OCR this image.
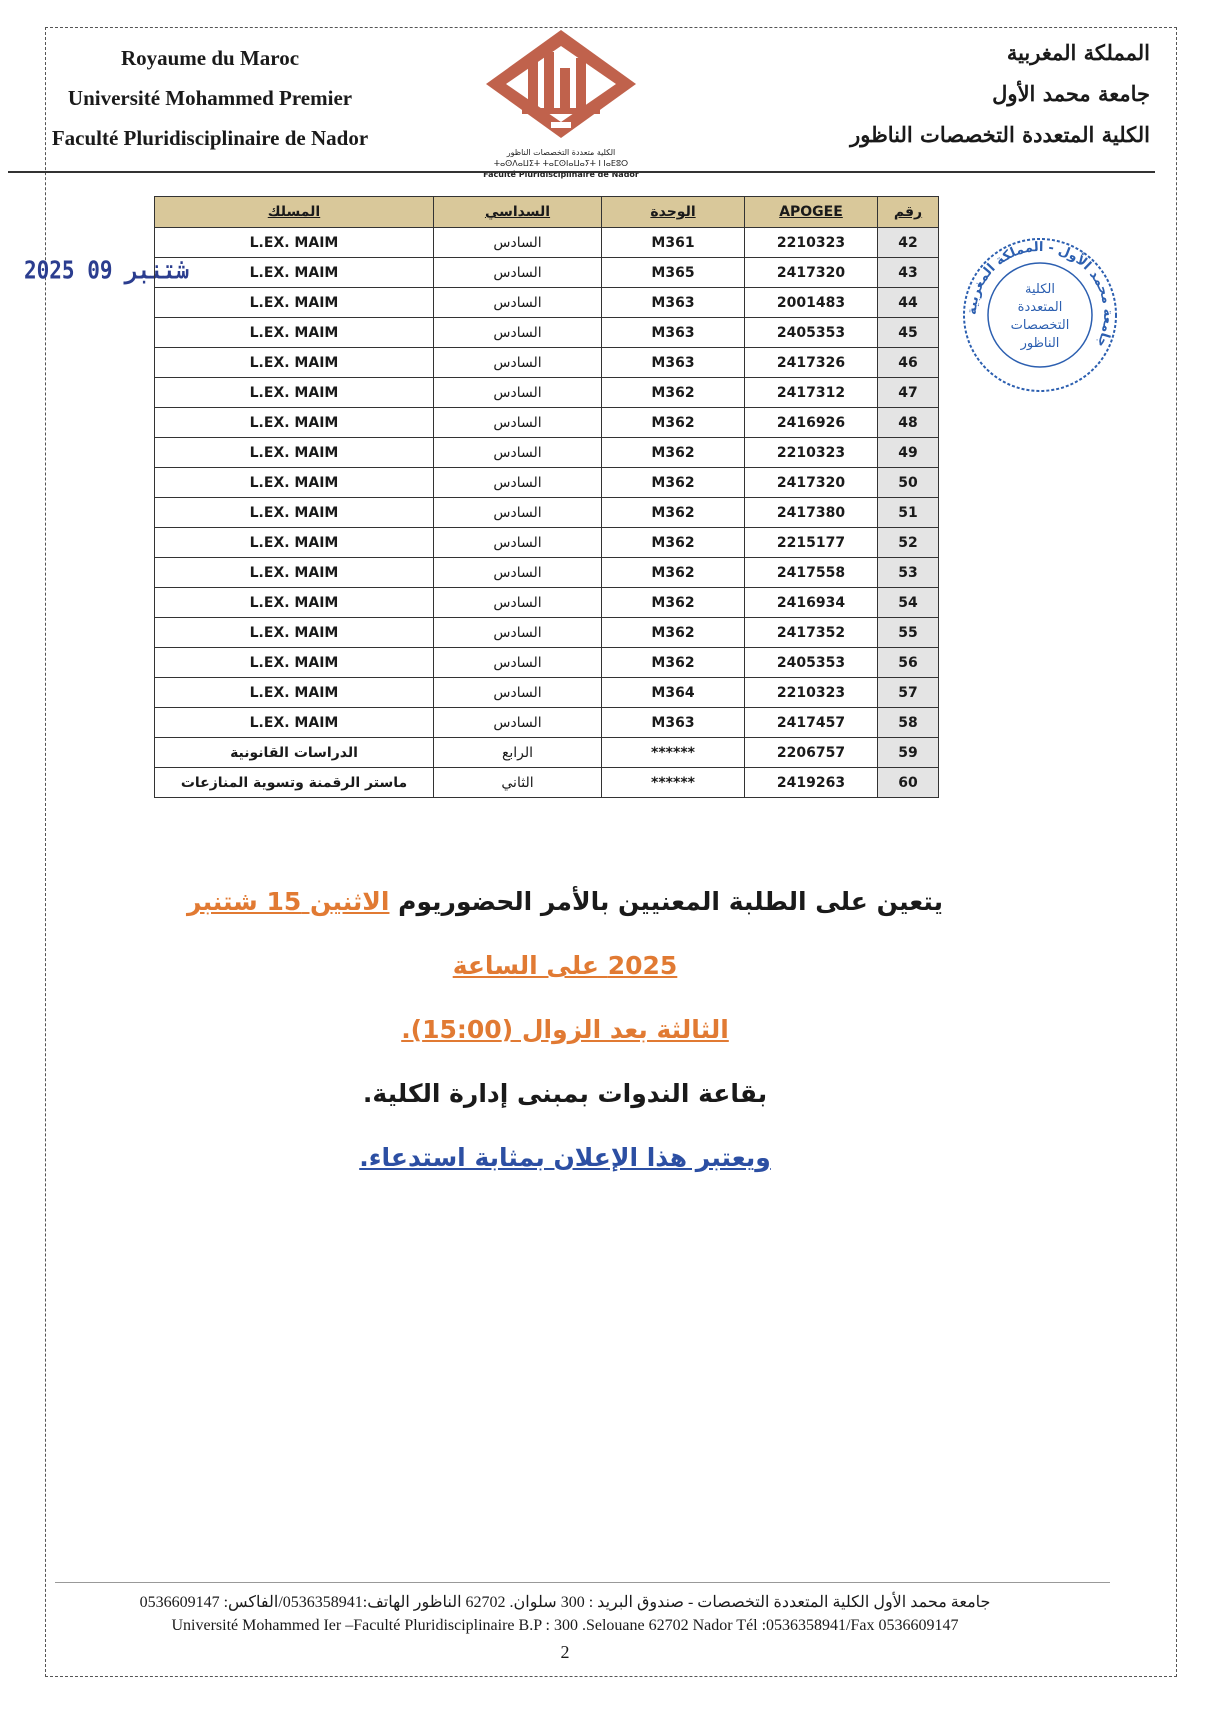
Royaume du Maroc
Université Mohammed Premier
Faculté Pluridisciplinaire de Nador
المملكة المغربية
جامعة محمد الأول
الكلية المتعددة التخصصات الناظور
الكلية متعددة التخصصات الناظور
ⵜⴰⵙⴷⴰⵡⵉⵜ ⵜⴰⵎⵙⵏⴰⵡⴰⵢⵜ ⵏ ⵏⴰⴹⵓⵔ
Faculté Pluridisciplinaire de Nador
2025 09 شتنبر
جامعة محمد الأول - المملكة المغربية
الكلية
المتعددة
التخصصات
الناظور
رقم	APOGEE	الوحدة	السداسي	المسلك
42	2210323	M361	السادس	L.EX. MAIM
43	2417320	M365	السادس	L.EX. MAIM
44	2001483	M363	السادس	L.EX. MAIM
45	2405353	M363	السادس	L.EX. MAIM
46	2417326	M363	السادس	L.EX. MAIM
47	2417312	M362	السادس	L.EX. MAIM
48	2416926	M362	السادس	L.EX. MAIM
49	2210323	M362	السادس	L.EX. MAIM
50	2417320	M362	السادس	L.EX. MAIM
51	2417380	M362	السادس	L.EX. MAIM
52	2215177	M362	السادس	L.EX. MAIM
53	2417558	M362	السادس	L.EX. MAIM
54	2416934	M362	السادس	L.EX. MAIM
55	2417352	M362	السادس	L.EX. MAIM
56	2405353	M362	السادس	L.EX. MAIM
57	2210323	M364	السادس	L.EX. MAIM
58	2417457	M363	السادس	L.EX. MAIM
59	2206757	******	الرابع	الدراسات القانونية
60	2419263	******	الثاني	ماستر الرقمنة وتسوية المنازعات

يتعين على الطلبة المعنيين بالأمر الحضوريوم الاثنين 15 شتنبر 2025 على الساعة

الثالثة بعد الزوال (15:00).

بقاعة الندوات بمبنى إدارة الكلية.

ويعتبر هذا الإعلان بمثابة استدعاء.

جامعة محمد الأول الكلية المتعددة التخصصات - صندوق البريد : 300 سلوان. 62702 الناظور الهاتف:0536358941/الفاكس: 0536609147
Université Mohammed Ier –Faculté Pluridisciplinaire B.P : 300 .Selouane 62702 Nador Tél :0536358941/Fax 0536609147
2
